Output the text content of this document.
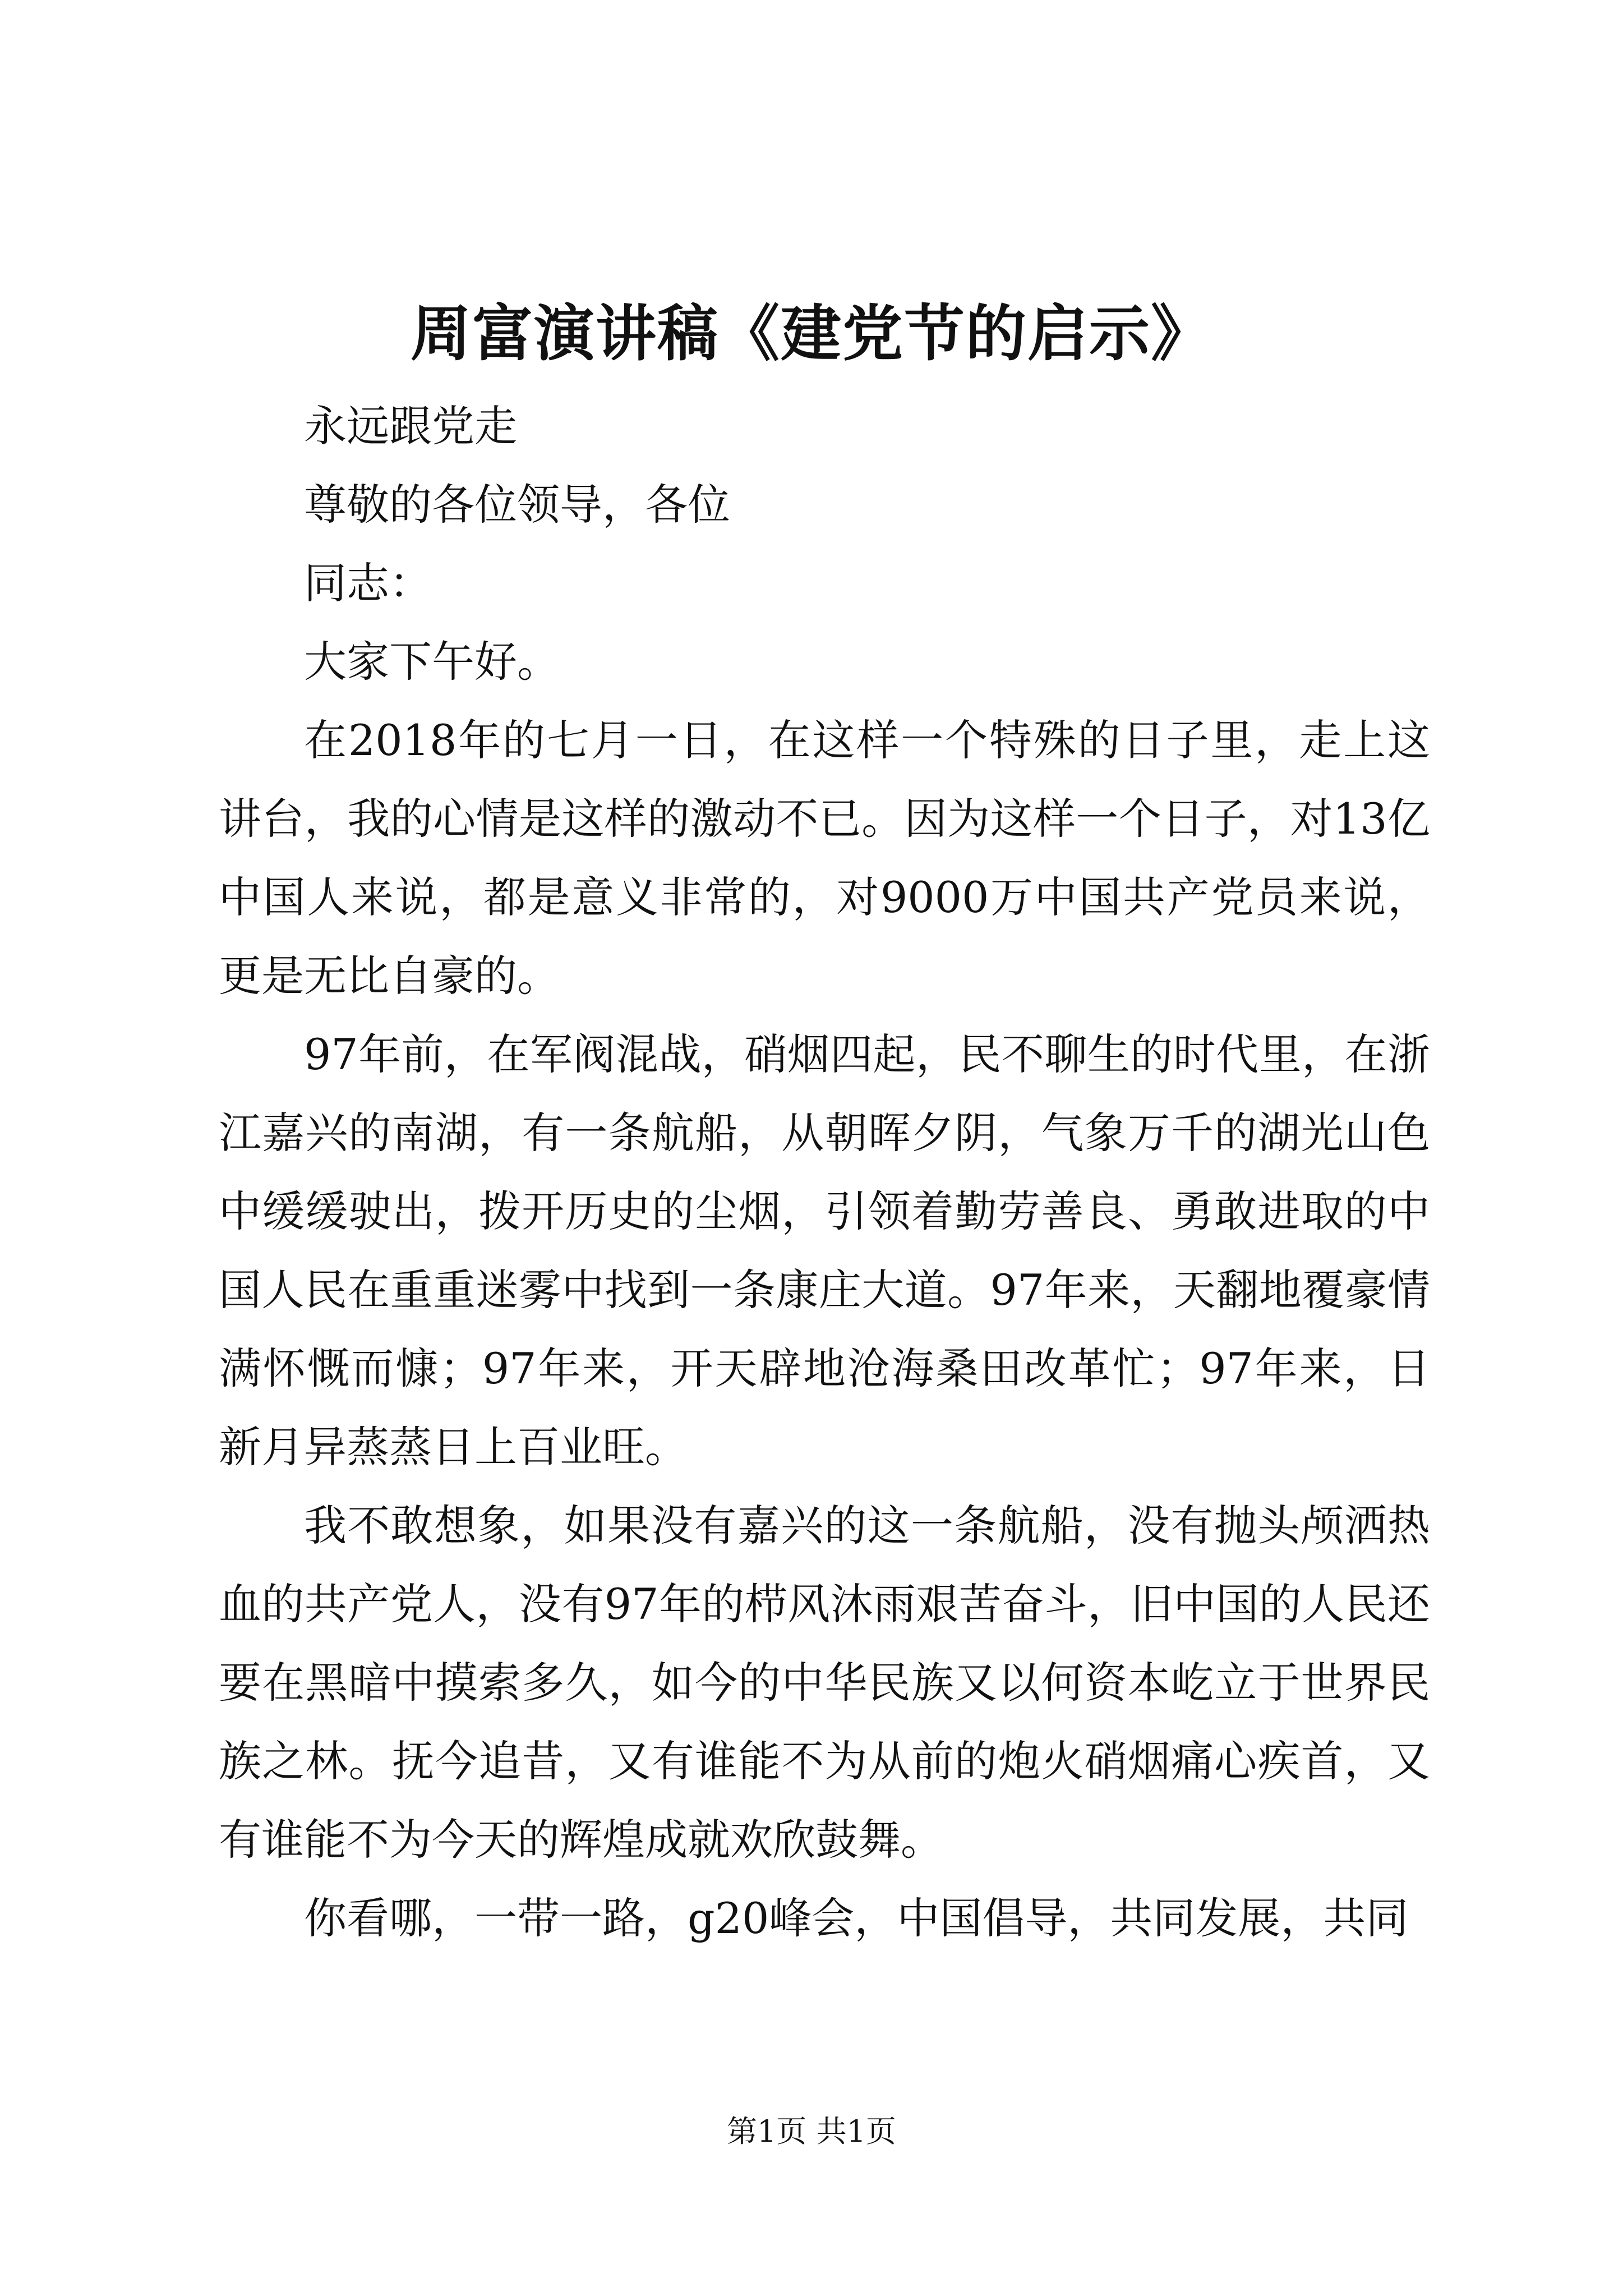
周富演讲稿《建党节的启示》

永远跟党走

尊敬的各位领导，各位

同志：

大家下午好。

在2018年的七月一日，在这样一个特殊的日子里，走上这讲台，我的心情是这样的激动不已。因为这样一个日子，对13亿中国人来说，都是意义非常的，对9000万中国共产党员来说，更是无比自豪的。

97年前，在军阀混战，硝烟四起，民不聊生的时代里，在浙江嘉兴的南湖，有一条航船，从朝晖夕阴，气象万千的湖光山色中缓缓驶出，拨开历史的尘烟，引领着勤劳善良、勇敢进取的中国人民在重重迷雾中找到一条康庄大道。97年来，天翻地覆豪情满怀慨而慷；97年来，开天辟地沧海桑田改革忙；97年来，日新月异蒸蒸日上百业旺。

我不敢想象，如果没有嘉兴的这一条航船，没有抛头颅洒热血的共产党人，没有97年的栉风沐雨艰苦奋斗，旧中国的人民还要在黑暗中摸索多久，如今的中华民族又以何资本屹立于世界民族之林。抚今追昔，又有谁能不为从前的炮火硝烟痛心疾首，又有谁能不为今天的辉煌成就欢欣鼓舞。

你看哪，一带一路，g20峰会，中国倡导，共同发展，共同

第1页 共1页
